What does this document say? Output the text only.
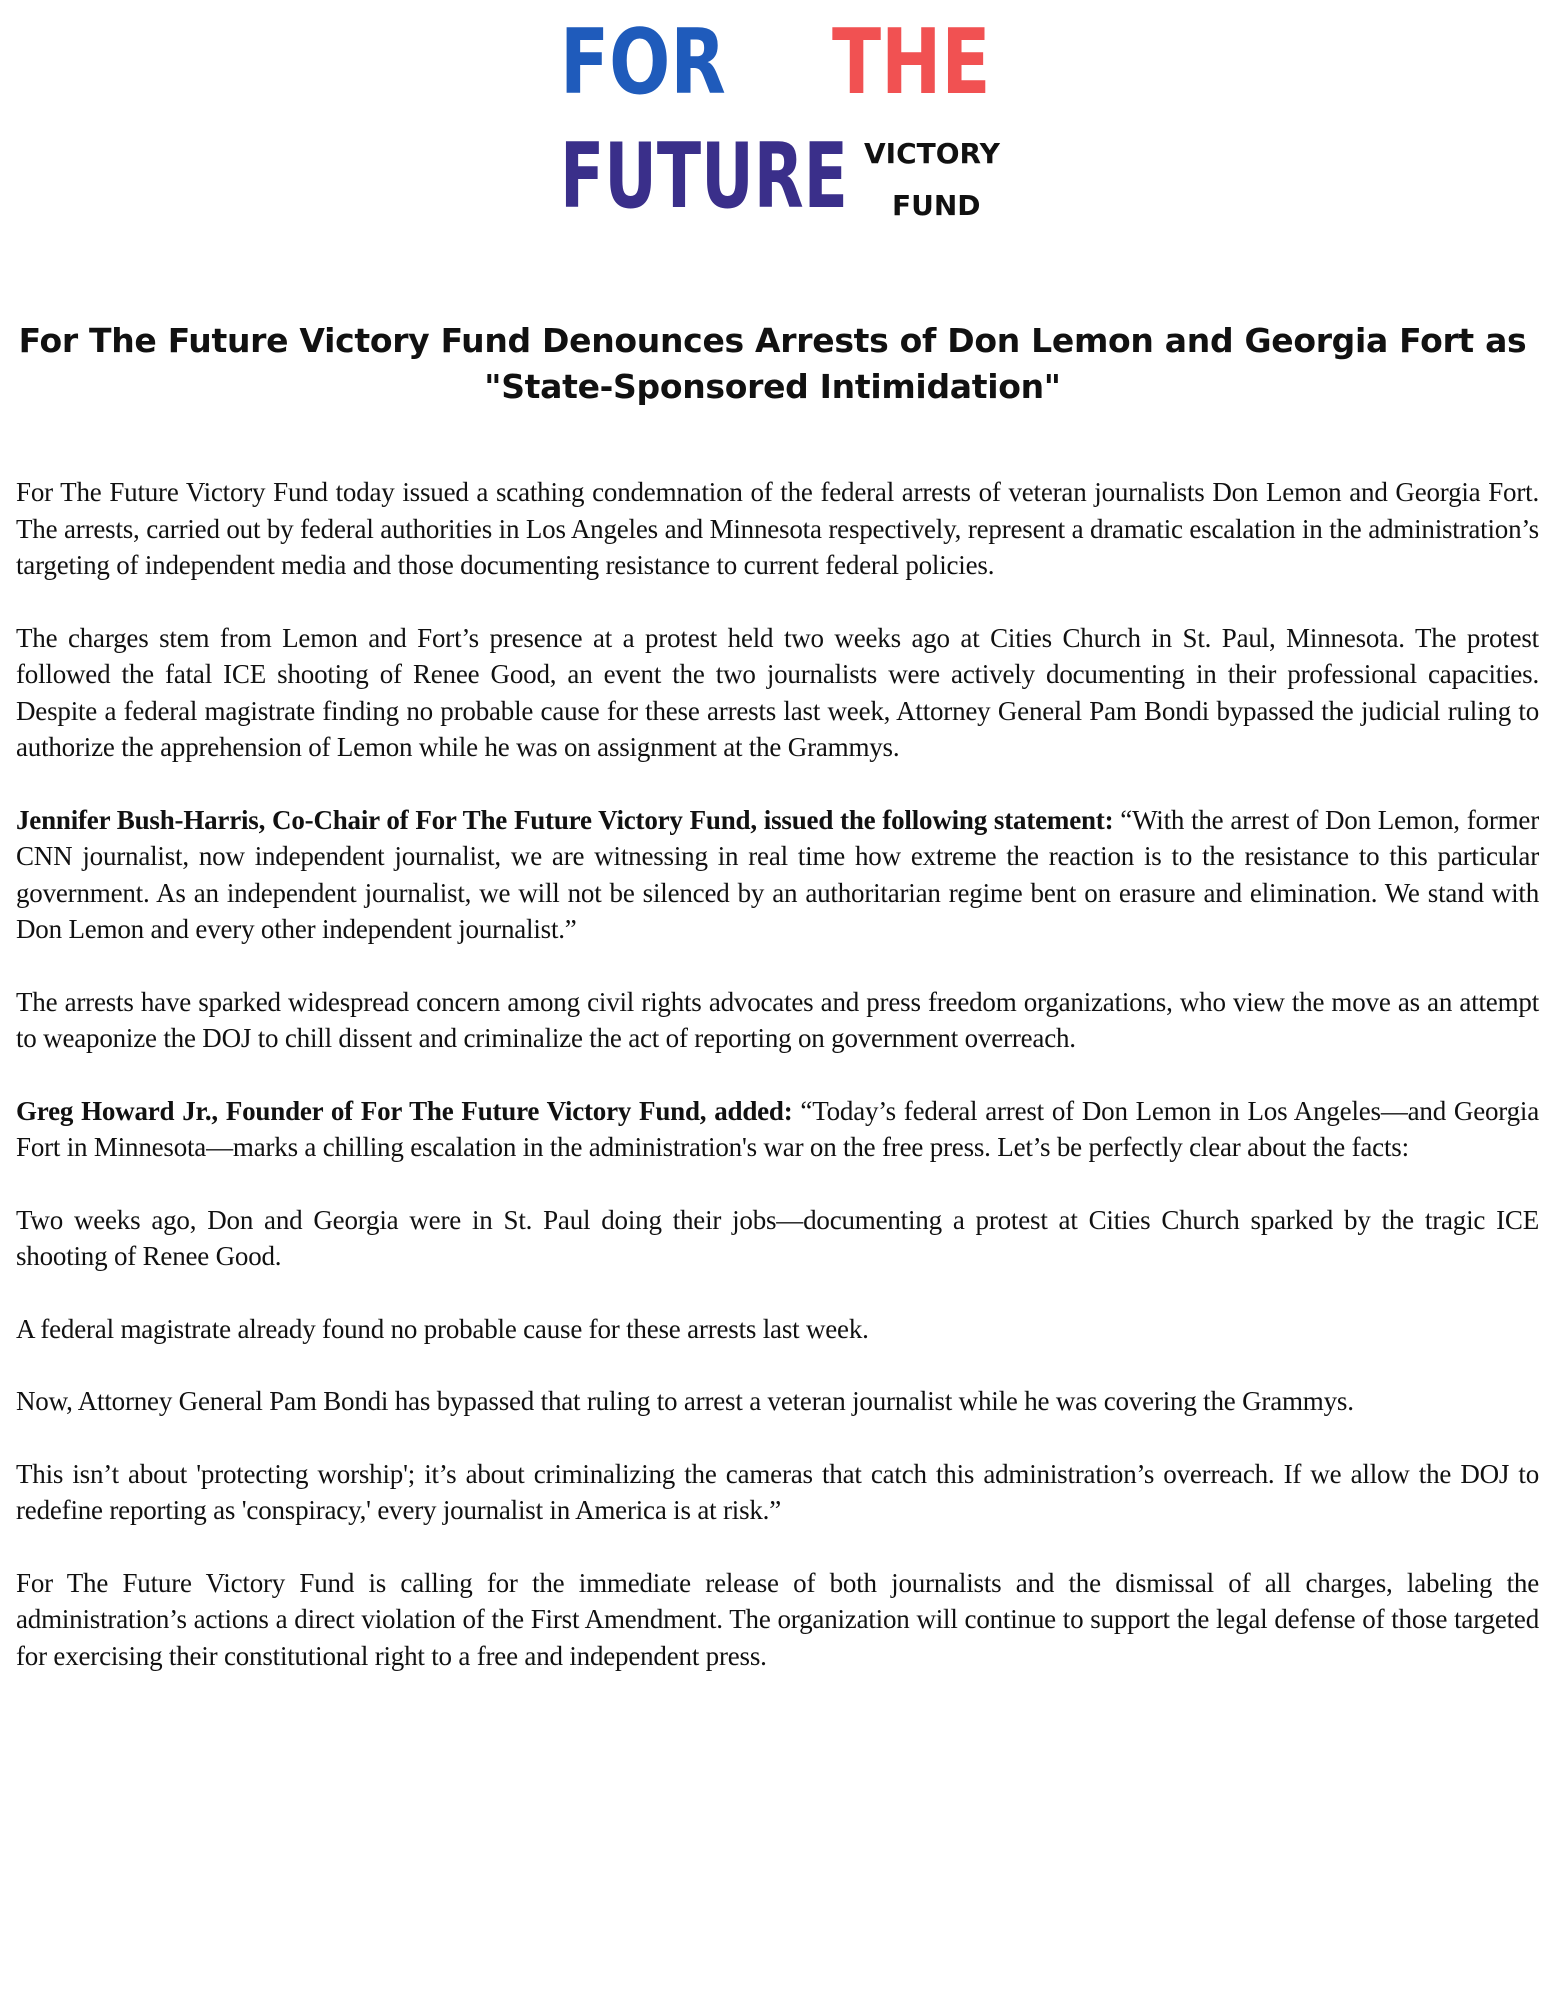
FOR THE
FUTURE VICTORY
FUND
For The Future Victory Fund Denounces Arrests of Don Lemon and Georgia Fort as "State-Sponsored Intimidation"

For The Future Victory Fund today issued a scathing condemnation of the federal arrests of veteran journalists Don Lemon and Georgia Fort. The arrests, carried out by federal authorities in Los Angeles and Minnesota respectively, represent a dramatic escalation in the administration’s targeting of independent media and those documenting resistance to current federal policies.

The charges stem from Lemon and Fort’s presence at a protest held two weeks ago at Cities Church in St. Paul, Minnesota. The protest followed the fatal ICE shooting of Renee Good, an event the two journalists were actively documenting in their professional capacities. Despite a federal magistrate finding no probable cause for these arrests last week, Attorney General Pam Bondi bypassed the judicial ruling to authorize the apprehension of Lemon while he was on assignment at the Grammys.

Jennifer Bush-Harris, Co-Chair of For The Future Victory Fund, issued the following statement: “With the arrest of Don Lemon, former CNN journalist, now independent journalist, we are witnessing in real time how extreme the reaction is to the resistance to this particular government. As an independent journalist, we will not be silenced by an authoritarian regime bent on erasure and elimination. We stand with Don Lemon and every other independent journalist.”

The arrests have sparked widespread concern among civil rights advocates and press freedom organizations, who view the move as an attempt to weaponize the DOJ to chill dissent and criminalize the act of reporting on government overreach.

Greg Howard Jr., Founder of For The Future Victory Fund, added: “Today’s federal arrest of Don Lemon in Los Angeles—and Georgia Fort in Minnesota—marks a chilling escalation in the administration's war on the free press. Let’s be perfectly clear about the facts:

Two weeks ago, Don and Georgia were in St. Paul doing their jobs—documenting a protest at Cities Church sparked by the tragic ICE shooting of Renee Good.

A federal magistrate already found no probable cause for these arrests last week.

Now, Attorney General Pam Bondi has bypassed that ruling to arrest a veteran journalist while he was covering the Grammys.

This isn’t about 'protecting worship'; it’s about criminalizing the cameras that catch this administration’s overreach. If we allow the DOJ to redefine reporting as 'conspiracy,' every journalist in America is at risk.”

For The Future Victory Fund is calling for the immediate release of both journalists and the dismissal of all charges, labeling the administration’s actions a direct violation of the First Amendment. The organization will continue to support the legal defense of those targeted for exercising their constitutional right to a free and independent press.
